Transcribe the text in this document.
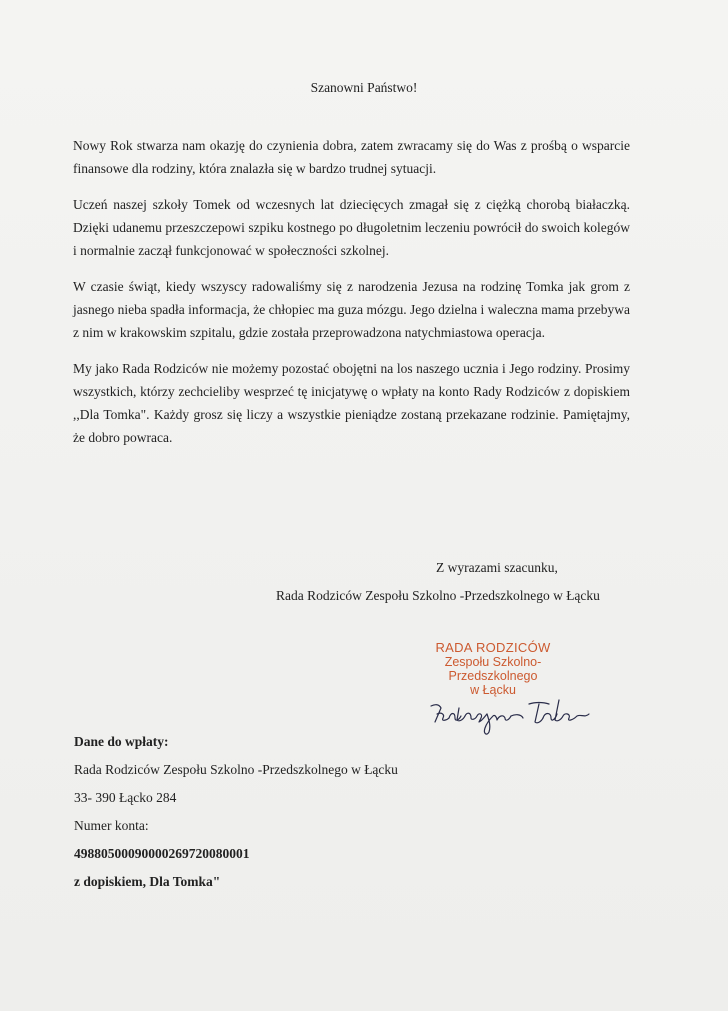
Szanowni Państwo!

Nowy Rok stwarza nam okazję do czynienia dobra, zatem zwracamy się do Was z prośbą o wsparcie finansowe dla rodziny, która znalazła się w bardzo trudnej sytuacji.

Uczeń naszej szkoły Tomek od wczesnych lat dziecięcych zmagał się z ciężką chorobą białaczką. Dzięki udanemu przeszczepowi szpiku kostnego po długoletnim leczeniu powrócił do swoich kolegów i normalnie zaczął funkcjonować w społeczności szkolnej.

W czasie świąt, kiedy wszyscy radowaliśmy się z narodzenia Jezusa na rodzinę Tomka jak grom z jasnego nieba spadła informacja, że chłopiec ma guza mózgu. Jego dzielna i waleczna mama przebywa z nim w krakowskim szpitalu, gdzie została przeprowadzona natychmiastowa operacja.

My jako Rada Rodziców nie możemy pozostać obojętni na los naszego ucznia i Jego rodziny. Prosimy wszystkich, którzy zechcieliby wesprzeć tę inicjatywę o wpłaty na konto Rady Rodziców z dopiskiem ,,Dla Tomka". Każdy grosz się liczy a wszystkie pieniądze zostaną przekazane rodzinie. Pamiętajmy, że dobro powraca.

Z wyrazami szacunku,
Rada Rodziców Zespołu Szkolno -Przedszkolnego w Łącku
RADA RODZICÓW
Zespołu Szkolno-
Przedszkolnego
w Łącku
Dane do wpłaty:
Rada Rodziców Zespołu Szkolno -Przedszkolnego w Łącku
33- 390 Łącko 284
Numer konta:
49880500090000269720080001
z dopiskiem, Dla Tomka"
